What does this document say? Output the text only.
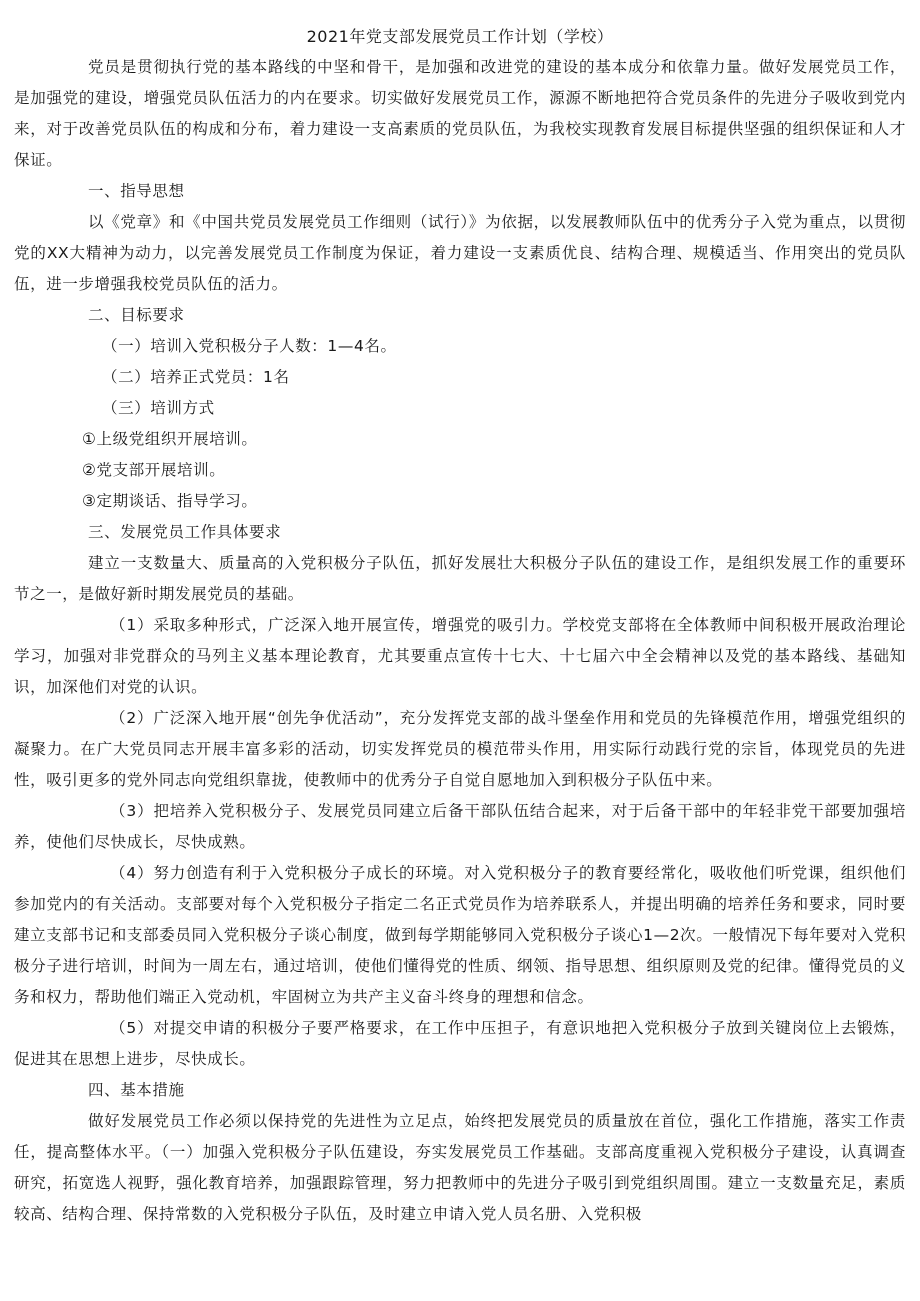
2021年党支部发展党员工作计划（学校）

党员是贯彻执行党的基本路线的中坚和骨干，是加强和改进党的建设的基本成分和依靠力量。做好发展党员工作，是加强党的建设，增强党员队伍活力的内在要求。切实做好发展党员工作，源源不断地把符合党员条件的先进分子吸收到党内来，对于改善党员队伍的构成和分布，着力建设一支高素质的党员队伍，为我校实现教育发展目标提供坚强的组织保证和人才保证。

一、指导思想

以《党章》和《中国共党员发展党员工作细则（试行）》为依据，以发展教师队伍中的优秀分子入党为重点，以贯彻党的XX大精神为动力，以完善发展党员工作制度为保证，着力建设一支素质优良、结构合理、规模适当、作用突出的党员队伍，进一步增强我校党员队伍的活力。

二、目标要求

（一）培训入党积极分子人数：1—4名。

（二）培养正式党员：1名

（三）培训方式

①上级党组织开展培训。

②党支部开展培训。

③定期谈话、指导学习。

三、发展党员工作具体要求

建立一支数量大、质量高的入党积极分子队伍，抓好发展壮大积极分子队伍的建设工作，是组织发展工作的重要环节之一，是做好新时期发展党员的基础。

（1）采取多种形式，广泛深入地开展宣传，增强党的吸引力。学校党支部将在全体教师中间积极开展政治理论学习，加强对非党群众的马列主义基本理论教育，尤其要重点宣传十七大、十七届六中全会精神以及党的基本路线、基础知识，加深他们对党的认识。

（2）广泛深入地开展“创先争优活动”，充分发挥党支部的战斗堡垒作用和党员的先锋模范作用，增强党组织的凝聚力。在广大党员同志开展丰富多彩的活动，切实发挥党员的模范带头作用，用实际行动践行党的宗旨，体现党员的先进性，吸引更多的党外同志向党组织靠拢，使教师中的优秀分子自觉自愿地加入到积极分子队伍中来。

（3）把培养入党积极分子、发展党员同建立后备干部队伍结合起来，对于后备干部中的年轻非党干部要加强培养，使他们尽快成长，尽快成熟。

（4）努力创造有利于入党积极分子成长的环境。对入党积极分子的教育要经常化，吸收他们听党课，组织他们参加党内的有关活动。支部要对每个入党积极分子指定二名正式党员作为培养联系人，并提出明确的培养任务和要求，同时要建立支部书记和支部委员同入党积极分子谈心制度，做到每学期能够同入党积极分子谈心1—2次。一般情况下每年要对入党积极分子进行培训，时间为一周左右，通过培训，使他们懂得党的性质、纲领、指导思想、组织原则及党的纪律。懂得党员的义务和权力，帮助他们端正入党动机，牢固树立为共产主义奋斗终身的理想和信念。

（5）对提交申请的积极分子要严格要求，在工作中压担子，有意识地把入党积极分子放到关键岗位上去锻炼，促进其在思想上进步，尽快成长。

四、基本措施

做好发展党员工作必须以保持党的先进性为立足点，始终把发展党员的质量放在首位，强化工作措施，落实工作责任，提高整体水平。（一）加强入党积极分子队伍建设，夯实发展党员工作基础。支部高度重视入党积极分子建设，认真调查研究，拓宽选人视野，强化教育培养，加强跟踪管理，努力把教师中的先进分子吸引到党组织周围。建立一支数量充足，素质较高、结构合理、保持常数的入党积极分子队伍，及时建立申请入党人员名册、入党积极
